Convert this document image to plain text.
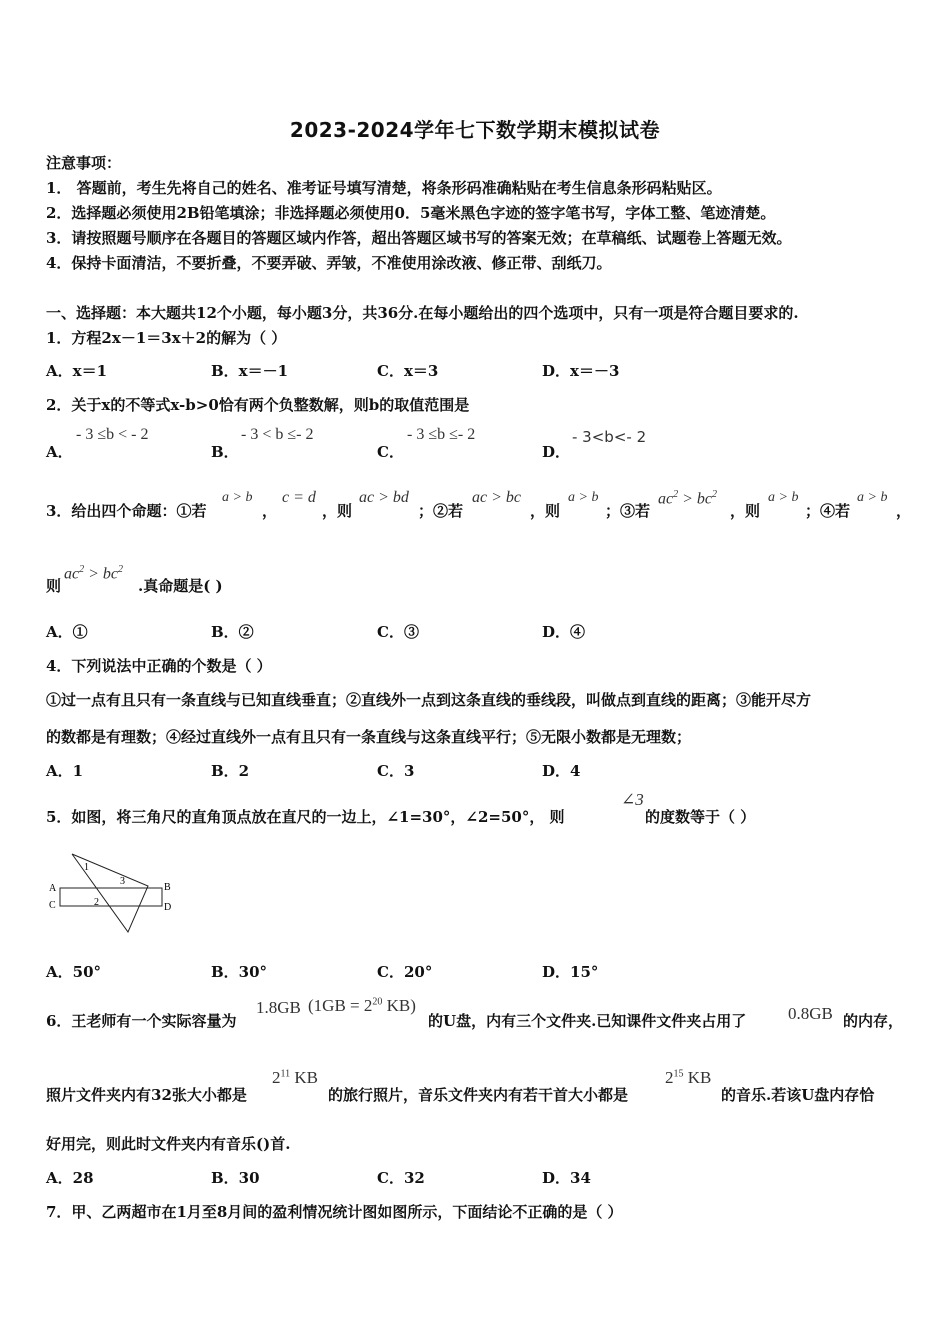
2023-2024学年七下数学期末模拟试卷
注意事项：
1． 答题前，考生先将自己的姓名、准考证号填写清楚，将条形码准确粘贴在考生信息条形码粘贴区。
2．选择题必须使用2B铅笔填涂；非选择题必须使用0．5毫米黑色字迹的签字笔书写，字体工整、笔迹清楚。
3．请按照题号顺序在各题目的答题区域内作答，超出答题区域书写的答案无效；在草稿纸、试题卷上答题无效。
4．保持卡面清洁，不要折叠，不要弄破、弄皱，不准使用涂改液、修正带、刮纸刀。
一、选择题：本大题共12个小题，每小题3分，共36分.在每小题给出的四个选项中，只有一项是符合题目要求的.
1．方程2x－1＝3x＋2的解为（ ）
A．x＝1	B．x＝－1	C．x＝3	D．x＝－3
2．关于x的不等式x-b>0恰有两个负整数解，则b的取值范围是
A．
- 3 ≤b < - 2
B．
- 3 < b ≤- 2
C．
- 3 ≤b ≤- 2
D．
- 3<b<- 2
3．给出四个命题：①若
a > b
，
c = d
，则
ac > bd
；②若
ac > bc
，则
a > b
；③若
$ac^2 > bc^2$
，则
a > b
；④若
a > b
，
则
$ac^2 > bc^2$
.真命题是( )
A．①	B．②	C．③	D．④
4．下列说法中正确的个数是（ ）
①过一点有且只有一条直线与已知直线垂直；②直线外一点到这条直线的垂线段，叫做点到直线的距离；③能开尽方
的数都是有理数；④经过直线外一点有且只有一条直线与这条直线平行；⑤无限小数都是无理数；
A．1	B．2	C．3	D．4
5．如图，将三角尺的直角顶点放在直尺的一边上，∠1=30°，∠2=50°， 则
∠3
的度数等于（ ）
A
C
B
D
1
2
3
A．50°	B．30°	C．20°	D．15°
6．王老师有一个实际容量为
1.8GB ($1GB = 2^{20}$ KB)
的U盘，内有三个文件夹.已知课件文件夹占用了 0.8GB 的内存，
照片文件夹内有32张大小都是
$2^{11}$ KB
的旅行照片，音乐文件夹内有若干首大小都是
$2^{15}$ KB
的音乐.若该U盘内存恰
好用完，则此时文件夹内有音乐()首.
A．28	B．30	C．32	D．34
7．甲、乙两超市在1月至8月间的盈利情况统计图如图所示，下面结论不正确的是（ ）
